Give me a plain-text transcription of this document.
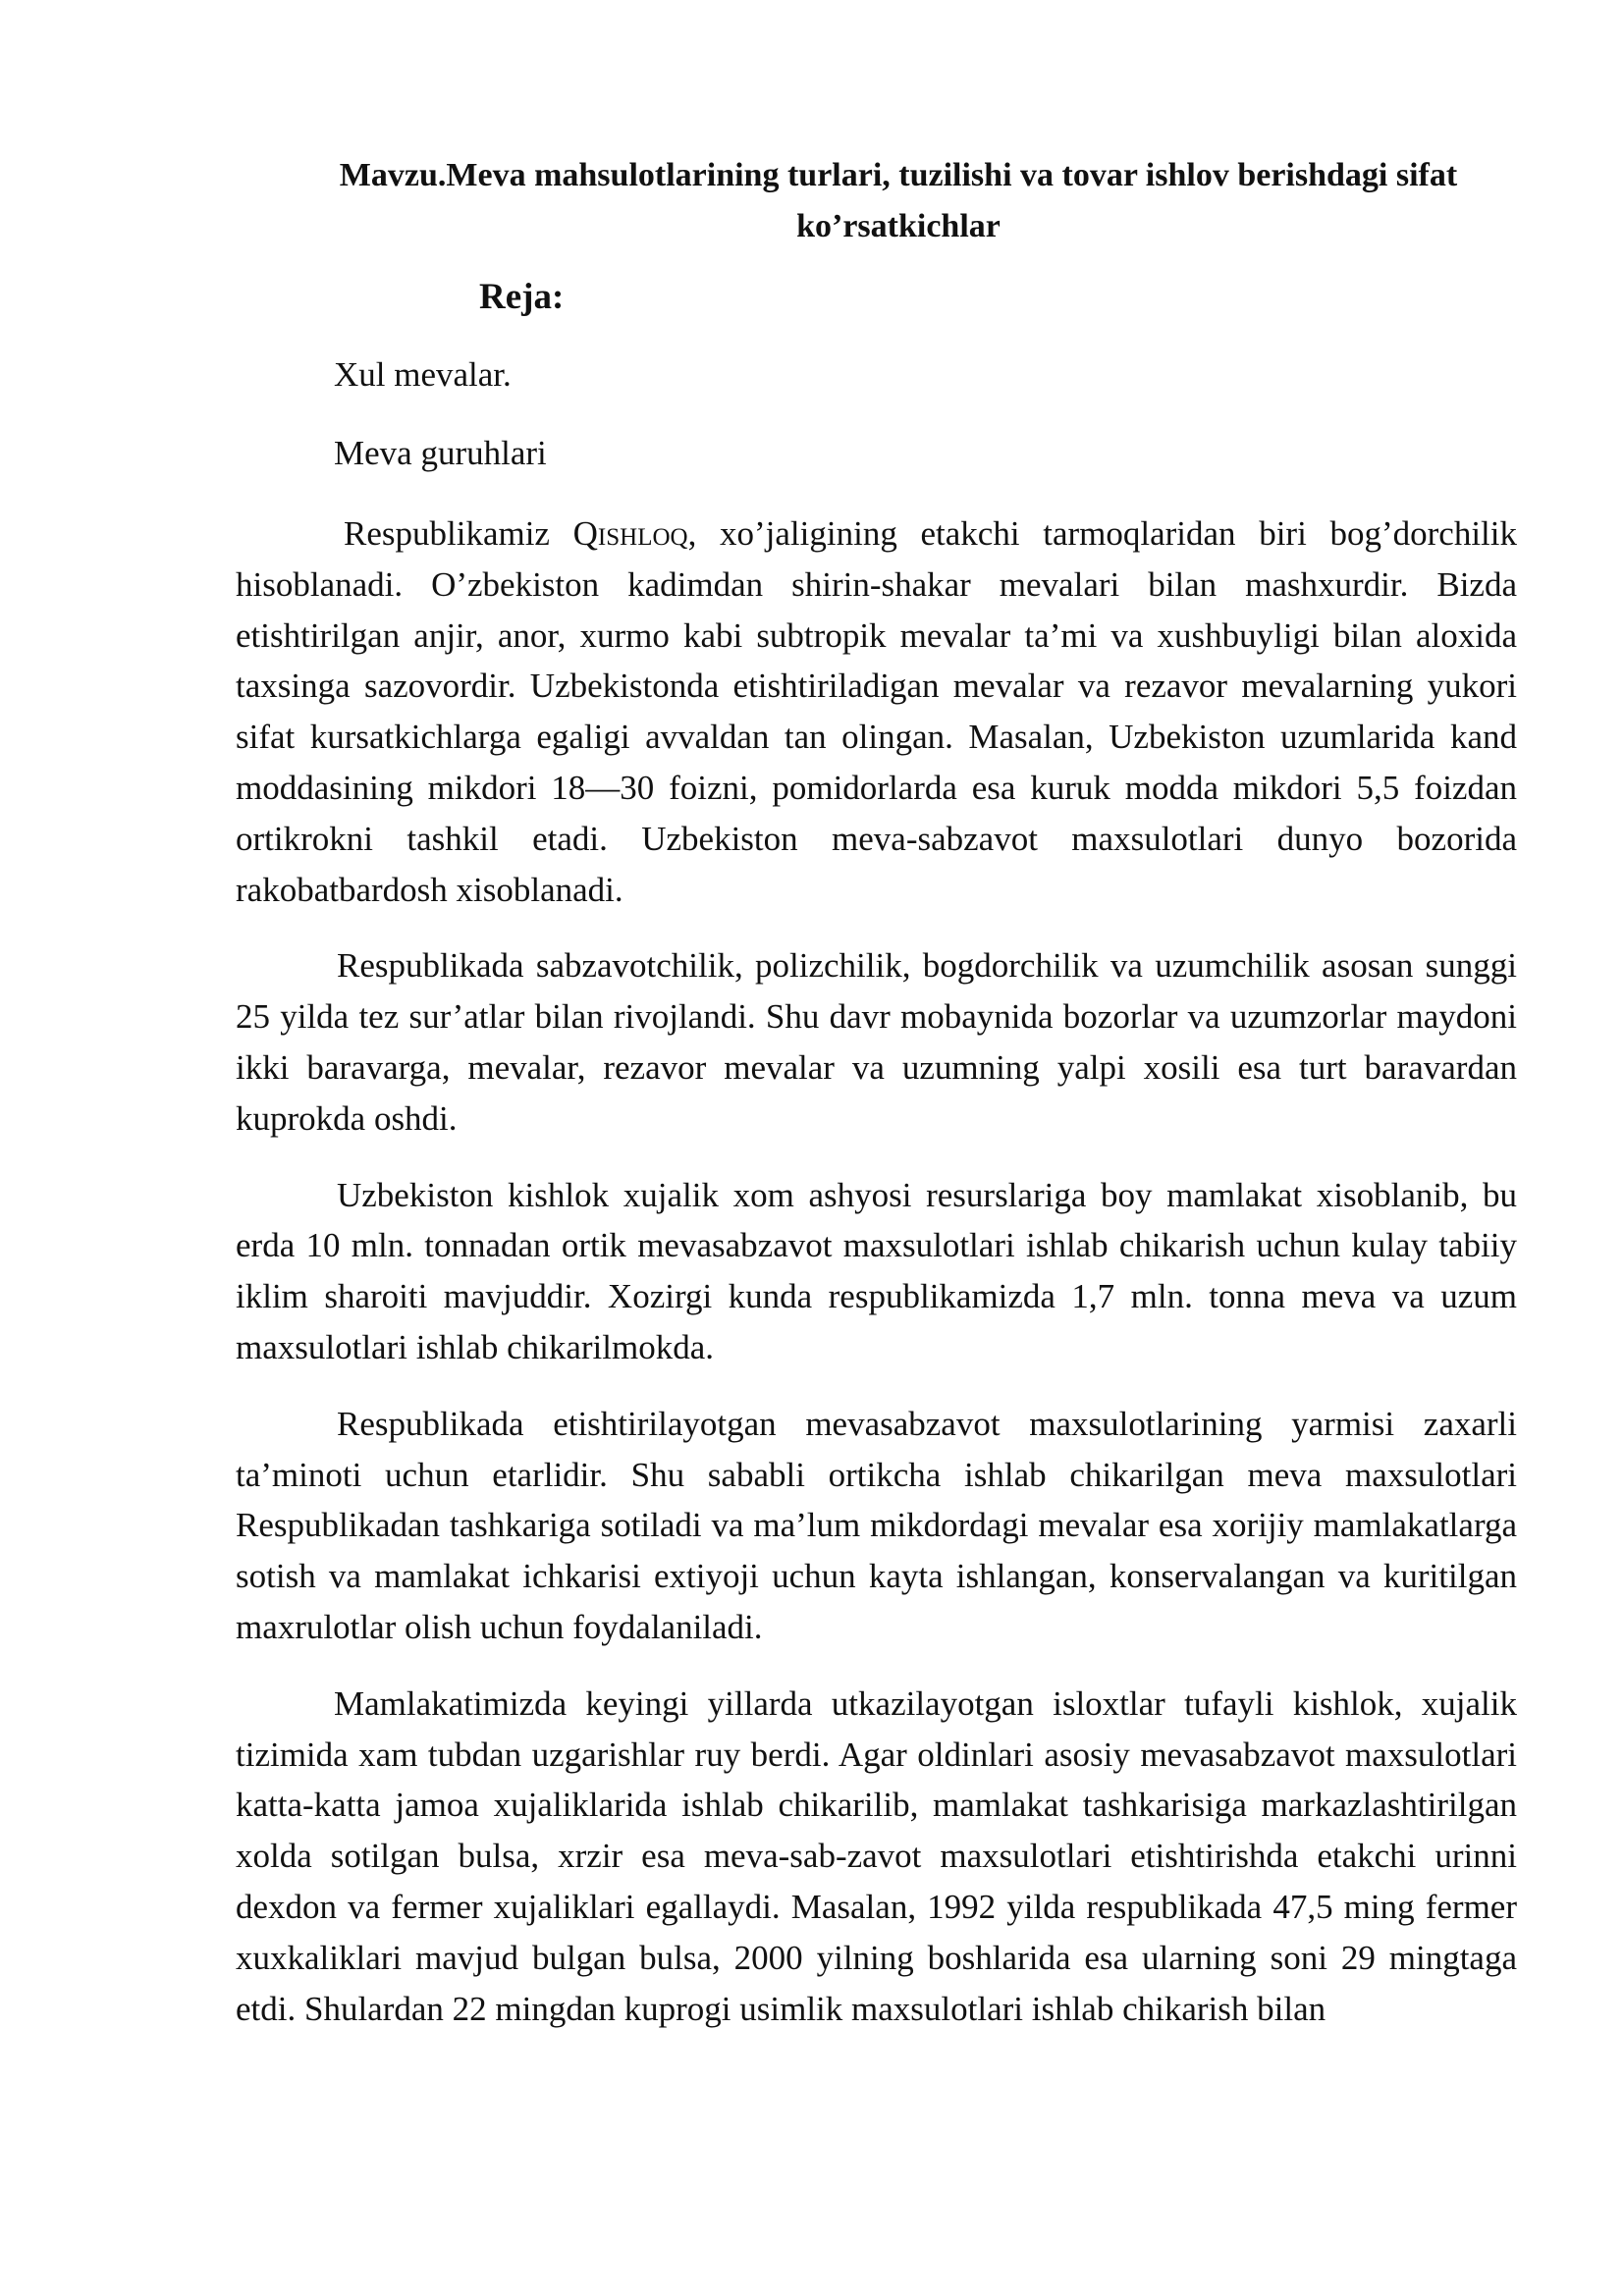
Mavzu.Meva mahsulotlarining turlari, tuzilishi va tovar ishlov berishdagi sifat ko’rsatkichlar
Reja:

Xul mevalar.

Meva guruhlari

Respublikamiz Qishloq, xo’jaligining etakchi tarmoqlaridan biri bog’dorchilik hisoblanadi. O’zbekiston kadimdan shirin-shakar mevalari bilan mashxurdir. Bizda etishtirilgan anjir, anor, xurmo kabi subtropik mevalar ta’mi va xushbuyligi bilan aloxida taxsinga sazovordir. Uzbekistonda etishtiriladigan mevalar va rezavor mevalarning yukori sifat kursatkichlarga egaligi avvaldan tan olingan. Masalan, Uzbekiston uzumlarida kand moddasining mikdori 18—30 foizni, pomidorlarda esa kuruk modda mikdori 5,5 foizdan ortikrokni tashkil etadi. Uzbekiston meva-sabzavot maxsulotlari dunyo bozorida rakobatbardosh xisoblanadi.

Respublikada sabzavotchilik, polizchilik, bogdorchilik va uzumchilik asosan sunggi 25 yilda tez sur’atlar bilan rivojlandi. Shu davr mobaynida bozorlar va uzumzorlar maydoni ikki baravarga, mevalar, rezavor mevalar va uzumning yalpi xosili esa turt baravardan kuprokda oshdi.

Uzbekiston kishlok xujalik xom ashyosi resurslariga boy mamlakat xisoblanib, bu erda 10 mln. tonnadan ortik mevasabzavot maxsulotlari ishlab chikarish uchun kulay tabiiy iklim sharoiti mavjuddir. Xozirgi kunda respublikamizda 1,7 mln. tonna meva va uzum maxsulotlari ishlab chikarilmokda.

Respublikada etishtirilayotgan mevasabzavot maxsulotlarining yarmisi zaxarli ta’minoti uchun etarlidir. Shu sababli ortikcha ishlab chikarilgan meva maxsulotlari Respublikadan tashkariga sotiladi va ma’lum mikdordagi mevalar esa xorijiy mamlakatlarga sotish va mamlakat ichkarisi extiyoji uchun kayta ishlangan, konservalangan va kuritilgan maxrulotlar olish uchun foydalaniladi.

Mamlakatimizda keyingi yillarda utkazilayotgan isloxtlar tufayli kishlok, xujalik tizimida xam tubdan uzgarishlar ruy berdi. Agar oldinlari asosiy mevasabzavot maxsulotlari katta-katta jamoa xujaliklarida ishlab chikarilib, mamlakat tashkarisiga markazlashtirilgan xolda sotilgan bulsa, xrzir esa meva-sab-zavot maxsulotlari etishtirishda etakchi urinni dexdon va fermer xujaliklari egallaydi. Masalan, 1992 yilda respublikada 47,5 ming fermer xuxkaliklari mavjud bulgan bulsa, 2000 yilning boshlarida esa ularning soni 29 mingtaga etdi. Shulardan 22 mingdan kuprogi usimlik maxsulotlari ishlab chikarish bilan
